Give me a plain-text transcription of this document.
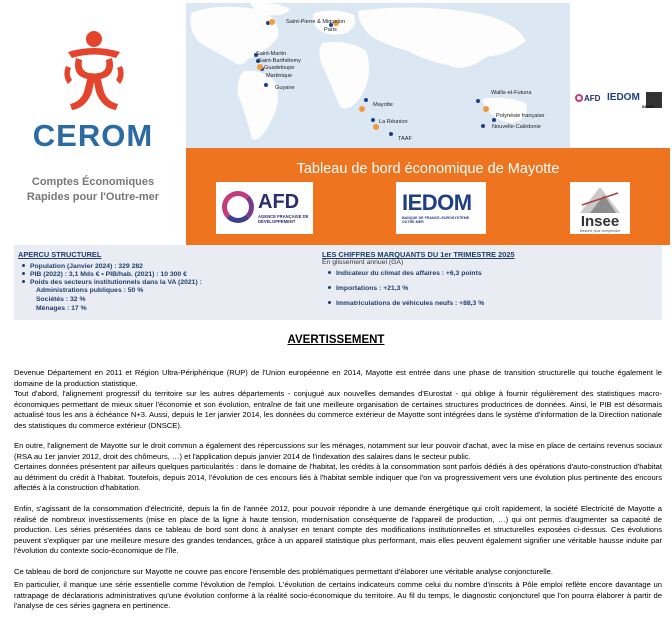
CEROM
Comptes Économiques
Rapides pour l'Outre-mer
Saint-Pierre & Miquelon
Paris
Saint-Martin
Saint-Barthélemy
Guadeloupe
Martinique
Guyane
Mayotte
La Réunion
TAAF
Wallis-et-Futuna
Polynésie française
Nouvelle-Calédonie
AFD IEDOM
INSEE
Tableau de bord économique de Mayotte
AFD
AGENCE FRANÇAISE DE DÉVELOPPEMENT
IEDOM
BANQUE DE FRANCE–EUROSYSTÈME OUTRE-MER	Insee
Mesurer pour comprendre
APERCU STRUCTUREL
Population (Janvier 2024) : 329 282
PIB (2022) : 3,1 Mds € • PIB/hab. (2021) : 10 300 €
Poids des secteurs institutionnels dans la VA (2021) :
Administrations publiques : 50 %
Sociétés : 32 %
Ménages : 17 %
LES CHIFFRES MARQUANTS DU 1er TRIMESTRE 2025
En glissement annuel (GA)
Indicateur du climat des affaires : +6,3 points
Importations : +21,3 %
Immatriculations de véhicules neufs : +88,3 %
AVERTISSEMENT
Devenue Département en 2011 et Région Ultra-Périphérique (RUP) de l'Union européenne en 2014, Mayotte est entrée dans une phase de transition structurelle qui touche également le domaine de la production statistique.
Tout d'abord, l'alignement progressif du territoire sur les autres départements - conjugué aux nouvelles demandes d'Eurostat - qui oblige à fournir régulièrement des statistiques macro-économiques permettant de mieux situer l'économie et son évolution, entraîne de fait une meilleure organisation de certaines structures productrices de données. Ainsi, le PIB est désormais actualisé tous les ans à échéance N+3. Aussi, depuis le 1er janvier 2014, les données du commerce extérieur de Mayotte sont intégrées dans le système d'information de la Direction nationale des statistiques du commerce extérieur (DNSCE).
En outre, l'alignement de Mayotte sur le droit commun a également des répercussions sur les ménages, notamment sur leur pouvoir d'achat, avec la mise en place de certains revenus sociaux (RSA au 1er janvier 2012, droit des chômeurs, …) et l'application depuis janvier 2014 de l'indexation des salaires dans le secteur public.
Certaines données présentent par ailleurs quelques particularités : dans le domaine de l'habitat, les crédits à la consommation sont parfois dédiés à des opérations d'auto-construction d'habitat au détriment du crédit à l'habitat. Toutefois, depuis 2014, l'évolution de ces encours liés à l'habitat semble indiquer que l'on va progressivement vers une évolution plus pertinente des encours affectés à la construction d'habitation.
Enfin, s'agissant de la consommation d'électricité, depuis la fin de l'année 2012, pour pouvoir répondre à une demande énergétique qui croît rapidement, la société Electricité de Mayotte a réalisé de nombreux investissements (mise en place de la ligne à haute tension, modernisation conséquente de l'appareil de production, …) qui ont permis d'augmenter sa capacité de production. Les séries présentées dans ce tableau de bord sont donc à analyser en tenant compte des modifications institutionnelles et structurelles exposées ci-dessus. Ces évolutions peuvent s'expliquer par une meilleure mesure des grandes tendances, grâce à un appareil statistique plus performant, mais elles peuvent également signifier une véritable hausse induite par l'évolution du contexte socio-économique de l'île.
Ce tableau de bord de conjoncture sur Mayotte ne couvre pas encore l'ensemble des problématiques permettant d'élaborer une véritable analyse conjoncturelle.
En particulier, il manque une série essentielle comme l'évolution de l'emploi. L'évolution de certains indicateurs comme celui du nombre d'inscrits à Pôle emploi reflète encore davantage un rattrapage de déclarations administratives qu'une évolution conforme à la réalité socio-économique du territoire. Au fil du temps, le diagnostic conjoncturel que l'on pourra élaborer à partir de l'analyse de ces séries gagnera en pertinence.
